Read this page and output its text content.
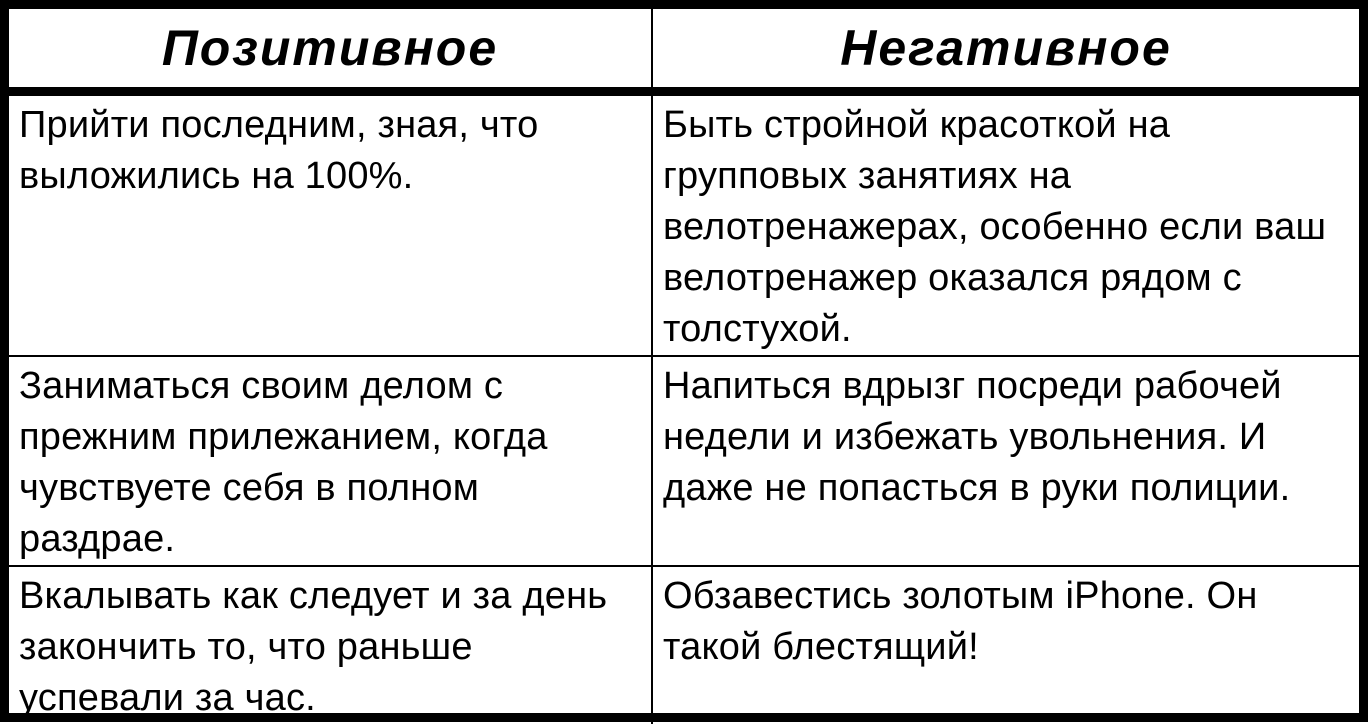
Позитивное	Негативное

Прийти последним, зная, что выложились на 100%.	Быть стройной красоткой на групповых занятиях на велотренажерах, особенно если ваш велотренажер оказался рядом с толстухой.

Заниматься своим делом с прежним прилежанием, когда чувствуете себя в полном раздрае.	Напиться вдрызг посреди рабочей недели и избежать увольнения. И даже не попасться в руки полиции.

Вкалывать как следует и за день закончить то, что раньше успевали за час.	Обзавестись золотым iPhone. Он такой блестящий!
